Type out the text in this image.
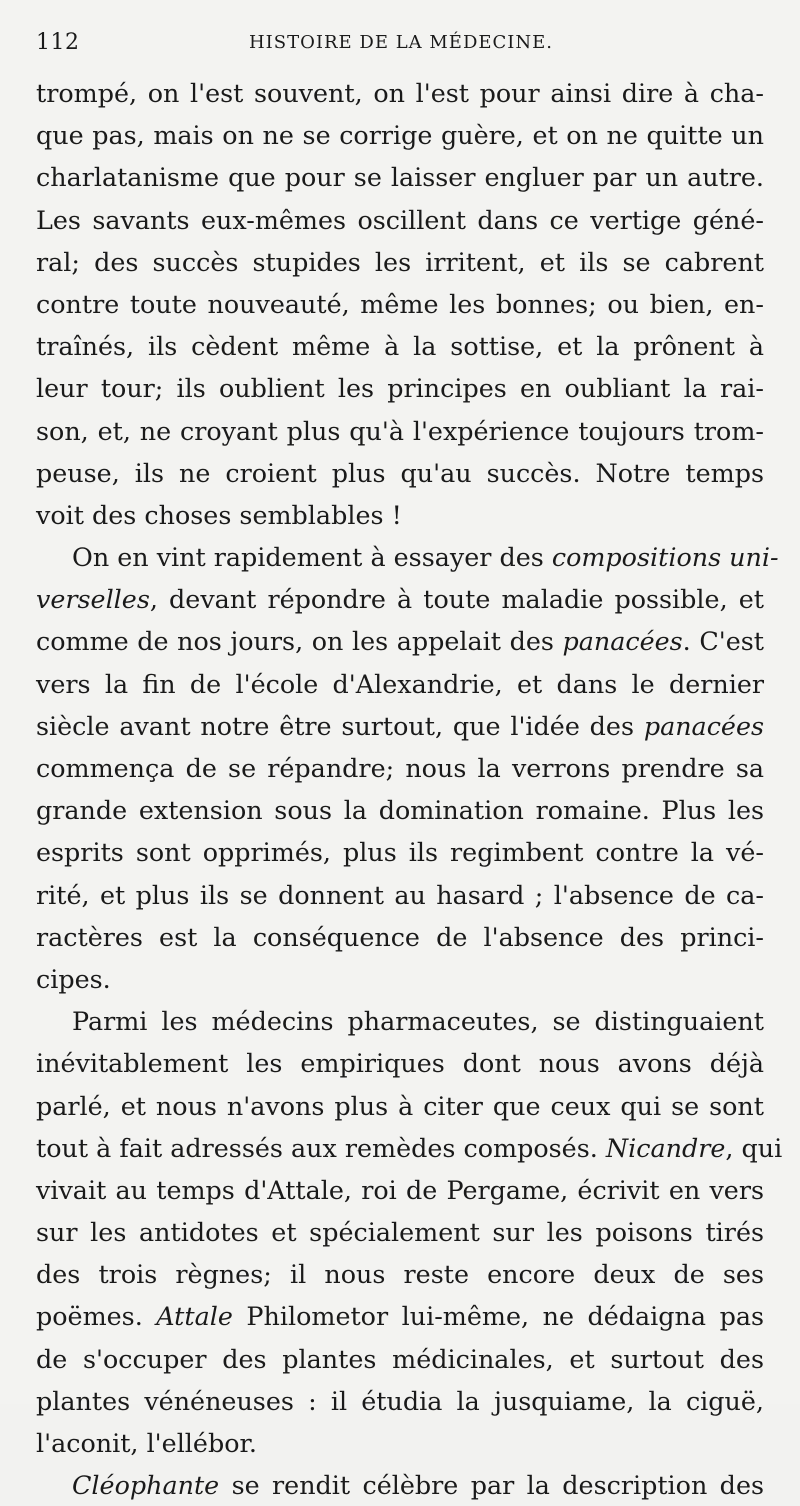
112	HISTOIRE DE LA MÉDECINE.
trompé, on l'est souvent, on l'est pour ainsi dire à cha-
que pas, mais on ne se corrige guère, et on ne quitte un
charlatanisme que pour se laisser engluer par un autre.
Les savants eux-mêmes oscillent dans ce vertige géné-
ral; des succès stupides les irritent, et ils se cabrent
contre toute nouveauté, même les bonnes; ou bien, en-
traînés, ils cèdent même à la sottise, et la prônent à
leur tour; ils oublient les principes en oubliant la rai-
son, et, ne croyant plus qu'à l'expérience toujours trom-
peuse, ils ne croient plus qu'au succès. Notre temps
voit des choses semblables !
On en vint rapidement à essayer des compositions uni-
verselles, devant répondre à toute maladie possible, et
comme de nos jours, on les appelait des panacées. C'est
vers la fin de l'école d'Alexandrie, et dans le dernier
siècle avant notre être surtout, que l'idée des panacées
commença de se répandre; nous la verrons prendre sa
grande extension sous la domination romaine. Plus les
esprits sont opprimés, plus ils regimbent contre la vé-
rité, et plus ils se donnent au hasard ; l'absence de ca-
ractères est la conséquence de l'absence des princi-
cipes.
Parmi les médecins pharmaceutes, se distinguaient
inévitablement les empiriques dont nous avons déjà
parlé, et nous n'avons plus à citer que ceux qui se sont
tout à fait adressés aux remèdes composés. Nicandre, qui
vivait au temps d'Attale, roi de Pergame, écrivit en vers
sur les antidotes et spécialement sur les poisons tirés
des trois règnes; il nous reste encore deux de ses
poëmes. Attale Philometor lui-même, ne dédaigna pas
de s'occuper des plantes médicinales, et surtout des
plantes vénéneuses : il étudia la jusquiame, la ciguë,
l'aconit, l'ellébor.
Cléophante se rendit célèbre par la description des
